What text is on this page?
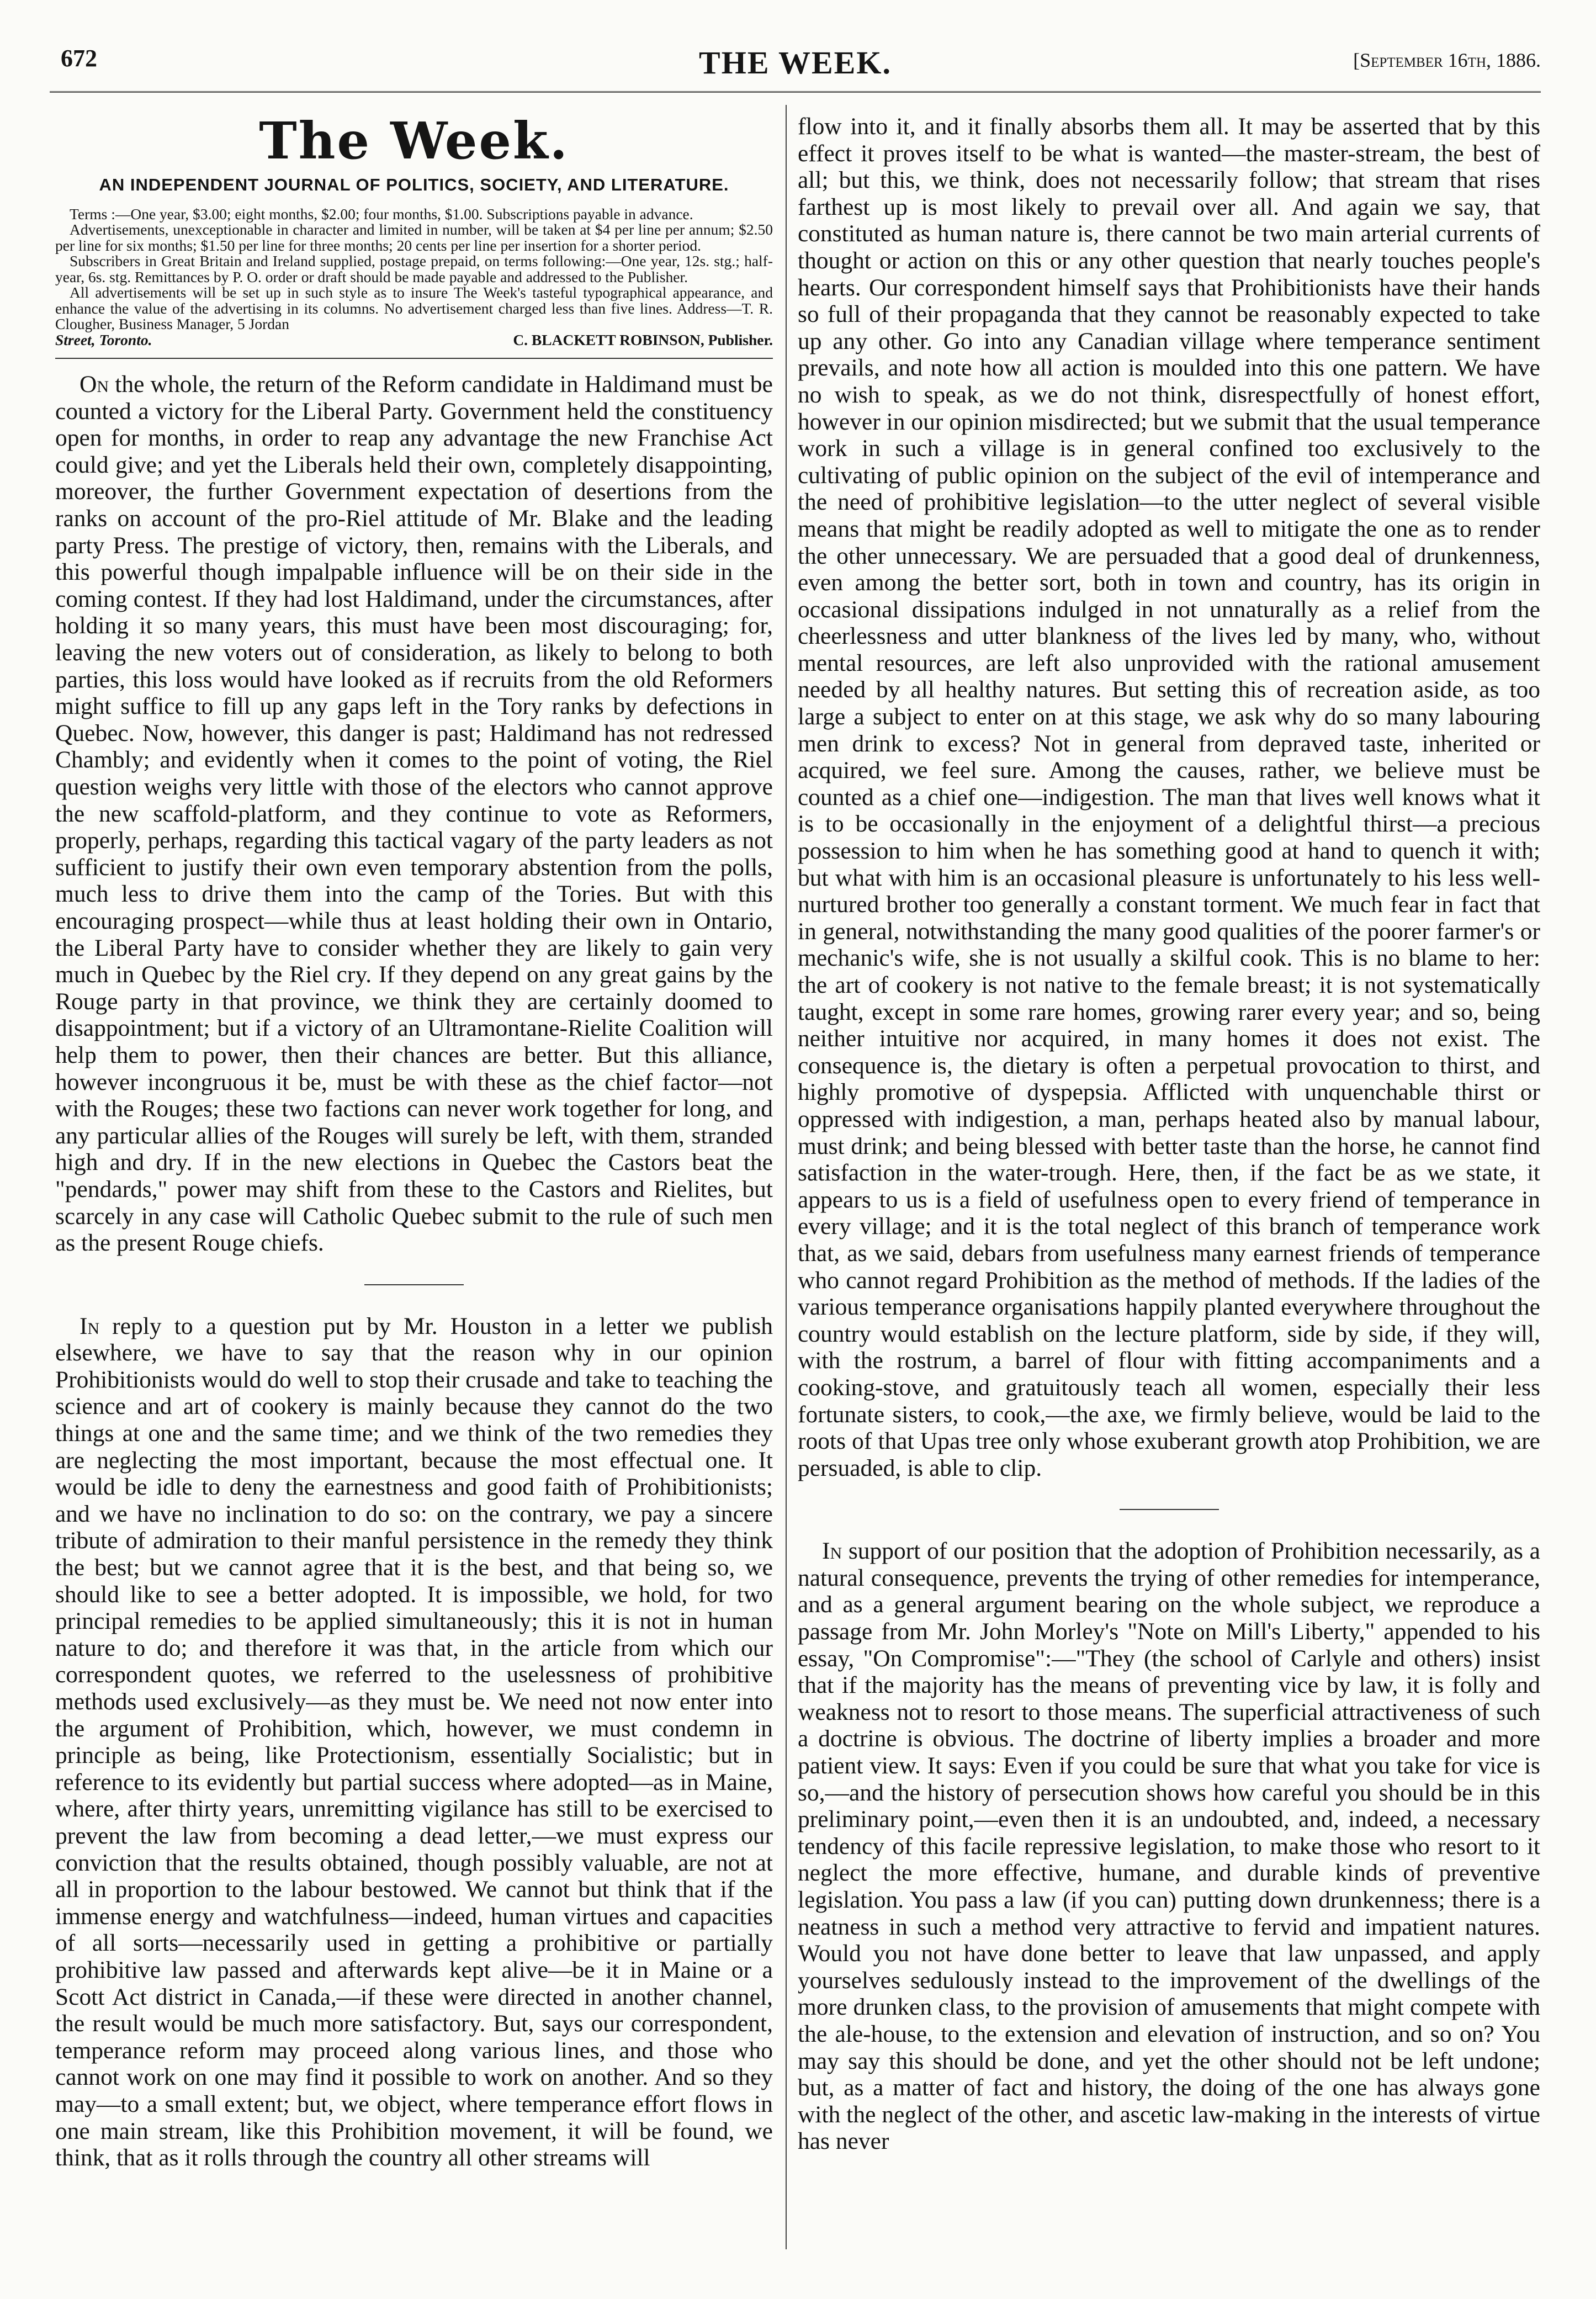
672	THE WEEK.	[September 16th, 1886.
The Week.
AN INDEPENDENT JOURNAL OF POLITICS, SOCIETY, AND LITERATURE.

Terms :—One year, $3.00; eight months, $2.00; four months, $1.00. Subscriptions payable in advance.

Advertisements, unexceptionable in character and limited in number, will be taken at $4 per line per annum; $2.50 per line for six months; $1.50 per line for three months; 20 cents per line per insertion for a shorter period.

Subscribers in Great Britain and Ireland supplied, postage prepaid, on terms following:—One year, 12s. stg.; half-year, 6s. stg. Remittances by P. O. order or draft should be made payable and addressed to the Publisher.

All advertisements will be set up in such style as to insure The Week's tasteful typographical appearance, and enhance the value of the advertising in its columns. No advertisement charged less than five lines. Address—T. R. Clougher, Business Manager, 5 Jordan

Street, Toronto.	C. BLACKETT ROBINSON, Publisher.

On the whole, the return of the Reform candidate in Haldimand must be counted a victory for the Liberal Party. Government held the constituency open for months, in order to reap any advantage the new Franchise Act could give; and yet the Liberals held their own, completely disappointing, moreover, the further Government expectation of desertions from the ranks on account of the pro-Riel attitude of Mr. Blake and the leading party Press. The prestige of victory, then, remains with the Liberals, and this powerful though impalpable influence will be on their side in the coming contest. If they had lost Haldimand, under the circumstances, after holding it so many years, this must have been most discouraging; for, leaving the new voters out of consideration, as likely to belong to both parties, this loss would have looked as if recruits from the old Reformers might suffice to fill up any gaps left in the Tory ranks by defections in Quebec. Now, however, this danger is past; Haldimand has not redressed Chambly; and evidently when it comes to the point of voting, the Riel question weighs very little with those of the electors who cannot approve the new scaffold-platform, and they continue to vote as Reformers, properly, perhaps, regarding this tactical vagary of the party leaders as not sufficient to justify their own even temporary abstention from the polls, much less to drive them into the camp of the Tories. But with this encouraging prospect—while thus at least holding their own in Ontario, the Liberal Party have to consider whether they are likely to gain very much in Quebec by the Riel cry. If they depend on any great gains by the Rouge party in that province, we think they are certainly doomed to disappointment; but if a victory of an Ultramontane-Rielite Coalition will help them to power, then their chances are better. But this alliance, however incongruous it be, must be with these as the chief factor—not with the Rouges; these two factions can never work together for long, and any particular allies of the Rouges will surely be left, with them, stranded high and dry. If in the new elections in Quebec the Castors beat the "pendards," power may shift from these to the Castors and Rielites, but scarcely in any case will Catholic Quebec submit to the rule of such men as the present Rouge chiefs.

In reply to a question put by Mr. Houston in a letter we publish elsewhere, we have to say that the reason why in our opinion Prohibitionists would do well to stop their crusade and take to teaching the science and art of cookery is mainly because they cannot do the two things at one and the same time; and we think of the two remedies they are neglecting the most important, because the most effectual one. It would be idle to deny the earnestness and good faith of Prohibitionists; and we have no inclination to do so: on the contrary, we pay a sincere tribute of admiration to their manful persistence in the remedy they think the best; but we cannot agree that it is the best, and that being so, we should like to see a better adopted. It is impossible, we hold, for two principal remedies to be applied simultaneously; this it is not in human nature to do; and therefore it was that, in the article from which our correspondent quotes, we referred to the uselessness of prohibitive methods used exclusively—as they must be. We need not now enter into the argument of Prohibition, which, however, we must condemn in principle as being, like Protectionism, essentially Socialistic; but in reference to its evidently but partial success where adopted—as in Maine, where, after thirty years, unremitting vigilance has still to be exercised to prevent the law from becoming a dead letter,—we must express our conviction that the results obtained, though possibly valuable, are not at all in proportion to the labour bestowed. We cannot but think that if the immense energy and watchfulness—indeed, human virtues and capacities of all sorts—necessarily used in getting a prohibitive or partially prohibitive law passed and afterwards kept alive—be it in Maine or a Scott Act district in Canada,—if these were directed in another channel, the result would be much more satisfactory. But, says our correspondent, temperance reform may proceed along various lines, and those who cannot work on one may find it possible to work on another. And so they may—to a small extent; but, we object, where temperance effort flows in one main stream, like this Prohibition movement, it will be found, we think, that as it rolls through the country all other streams will

flow into it, and it finally absorbs them all. It may be asserted that by this effect it proves itself to be what is wanted—the master-stream, the best of all; but this, we think, does not necessarily follow; that stream that rises farthest up is most likely to prevail over all. And again we say, that constituted as human nature is, there cannot be two main arterial currents of thought or action on this or any other question that nearly touches people's hearts. Our correspondent himself says that Prohibitionists have their hands so full of their propaganda that they cannot be reasonably expected to take up any other. Go into any Canadian village where temperance sentiment prevails, and note how all action is moulded into this one pattern. We have no wish to speak, as we do not think, disrespectfully of honest effort, however in our opinion misdirected; but we submit that the usual temperance work in such a village is in general confined too exclusively to the cultivating of public opinion on the subject of the evil of intemperance and the need of prohibitive legislation—to the utter neglect of several visible means that might be readily adopted as well to mitigate the one as to render the other unnecessary. We are persuaded that a good deal of drunkenness, even among the better sort, both in town and country, has its origin in occasional dissipations indulged in not unnaturally as a relief from the cheerlessness and utter blankness of the lives led by many, who, without mental resources, are left also unprovided with the rational amusement needed by all healthy natures. But setting this of recreation aside, as too large a subject to enter on at this stage, we ask why do so many labouring men drink to excess? Not in general from depraved taste, inherited or acquired, we feel sure. Among the causes, rather, we believe must be counted as a chief one—indigestion. The man that lives well knows what it is to be occasionally in the enjoyment of a delightful thirst—a precious possession to him when he has something good at hand to quench it with; but what with him is an occasional pleasure is unfortunately to his less well-nurtured brother too generally a constant torment. We much fear in fact that in general, notwithstanding the many good qualities of the poorer farmer's or mechanic's wife, she is not usually a skilful cook. This is no blame to her: the art of cookery is not native to the female breast; it is not systematically taught, except in some rare homes, growing rarer every year; and so, being neither intuitive nor acquired, in many homes it does not exist. The consequence is, the dietary is often a perpetual provocation to thirst, and highly promotive of dyspepsia. Afflicted with unquenchable thirst or oppressed with indigestion, a man, perhaps heated also by manual labour, must drink; and being blessed with better taste than the horse, he cannot find satisfaction in the water-trough. Here, then, if the fact be as we state, it appears to us is a field of usefulness open to every friend of temperance in every village; and it is the total neglect of this branch of temperance work that, as we said, debars from usefulness many earnest friends of temperance who cannot regard Prohibition as the method of methods. If the ladies of the various temperance organisations happily planted everywhere throughout the country would establish on the lecture platform, side by side, if they will, with the rostrum, a barrel of flour with fitting accompaniments and a cooking-stove, and gratuitously teach all women, especially their less fortunate sisters, to cook,—the axe, we firmly believe, would be laid to the roots of that Upas tree only whose exuberant growth atop Prohibition, we are persuaded, is able to clip.

In support of our position that the adoption of Prohibition necessarily, as a natural consequence, prevents the trying of other remedies for intemperance, and as a general argument bearing on the whole subject, we reproduce a passage from Mr. John Morley's "Note on Mill's Liberty," appended to his essay, "On Compromise":—"They (the school of Carlyle and others) insist that if the majority has the means of preventing vice by law, it is folly and weakness not to resort to those means. The superficial attractiveness of such a doctrine is obvious. The doctrine of liberty implies a broader and more patient view. It says: Even if you could be sure that what you take for vice is so,—and the history of persecution shows how careful you should be in this preliminary point,—even then it is an undoubted, and, indeed, a necessary tendency of this facile repressive legislation, to make those who resort to it neglect the more effective, humane, and durable kinds of preventive legislation. You pass a law (if you can) putting down drunkenness; there is a neatness in such a method very attractive to fervid and impatient natures. Would you not have done better to leave that law unpassed, and apply yourselves sedulously instead to the improvement of the dwellings of the more drunken class, to the provision of amusements that might compete with the ale-house, to the extension and elevation of instruction, and so on? You may say this should be done, and yet the other should not be left undone; but, as a matter of fact and history, the doing of the one has always gone with the neglect of the other, and ascetic law-making in the interests of virtue has never
